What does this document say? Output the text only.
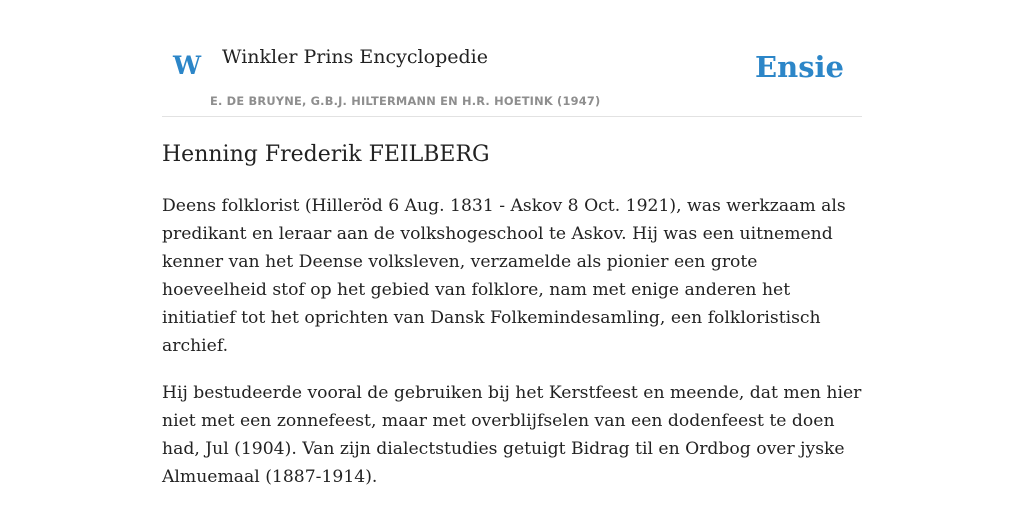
W Winkler Prins Encyclopedie
E. DE BRUYNE, G.B.J. HILTERMANN EN H.R. HOETINK (1947)
Ensie
Henning Frederik FEILBERG

Deens folklorist (Hilleröd 6 Aug. 1831 - Askov 8 Oct. 1921), was werkzaam als predikant en leraar aan de volkshogeschool te Askov. Hij was een uitnemend kenner van het Deense volksleven, verzamelde als pionier een grote hoeveelheid stof op het gebied van folklore, nam met enige anderen het initiatief tot het oprichten van Dansk Folkemindesamling, een folkloristisch archief.

Hij bestudeerde vooral de gebruiken bij het Kerstfeest en meende, dat men hier niet met een zonnefeest, maar met overblijfselen van een dodenfeest te doen had, Jul (1904). Van zijn dialectstudies getuigt Bidrag til en Ordbog over jyske Almuemaal (1887-1914).
